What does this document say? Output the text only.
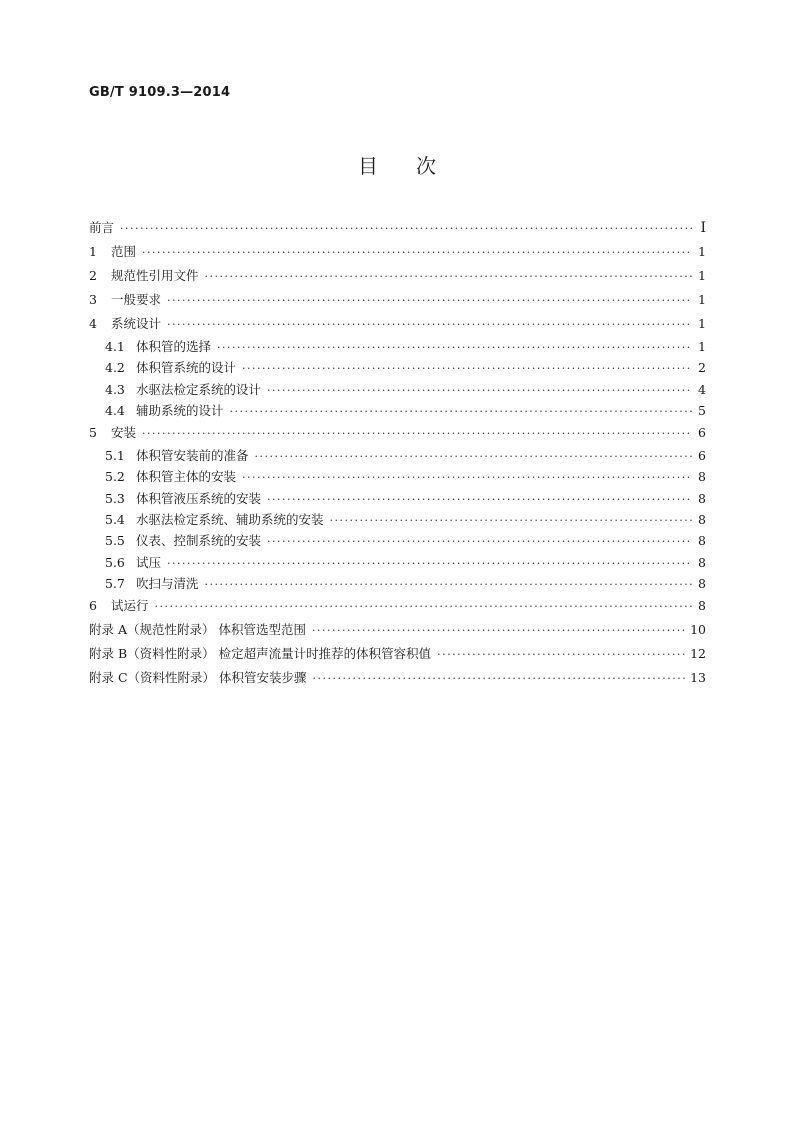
GB/T 9109.3—2014
目 次
前言 ·····	I
1	范围 ·····	1
2	规范性引用文件 ·····	1
3	一般要求 ·····	1
4	系统设计 ·····	1
4.1 体积管的选择 ·····	1
4.2 体积管系统的设计 ·····	2
4.3 水驱法检定系统的设计 ·····	4
4.4 辅助系统的设计 ·····	5
5	安装 ·····	6
5.1 体积管安装前的准备 ·····	6
5.2 体积管主体的安装 ·····	8
5.3 体积管液压系统的安装 ·····	8
5.4 水驱法检定系统、辅助系统的安装 ·····	8
5.5 仪表、控制系统的安装 ·····	8
5.6 试压 ·····	8
5.7 吹扫与清洗 ·····	8
6	试运行 ·····	8
附录 A（规范性附录） 体积管选型范围 ·····	10
附录 B（资料性附录） 检定超声流量计时推荐的体积管容积值 ·····	12
附录 C（资料性附录） 体积管安装步骤 ·····	13
